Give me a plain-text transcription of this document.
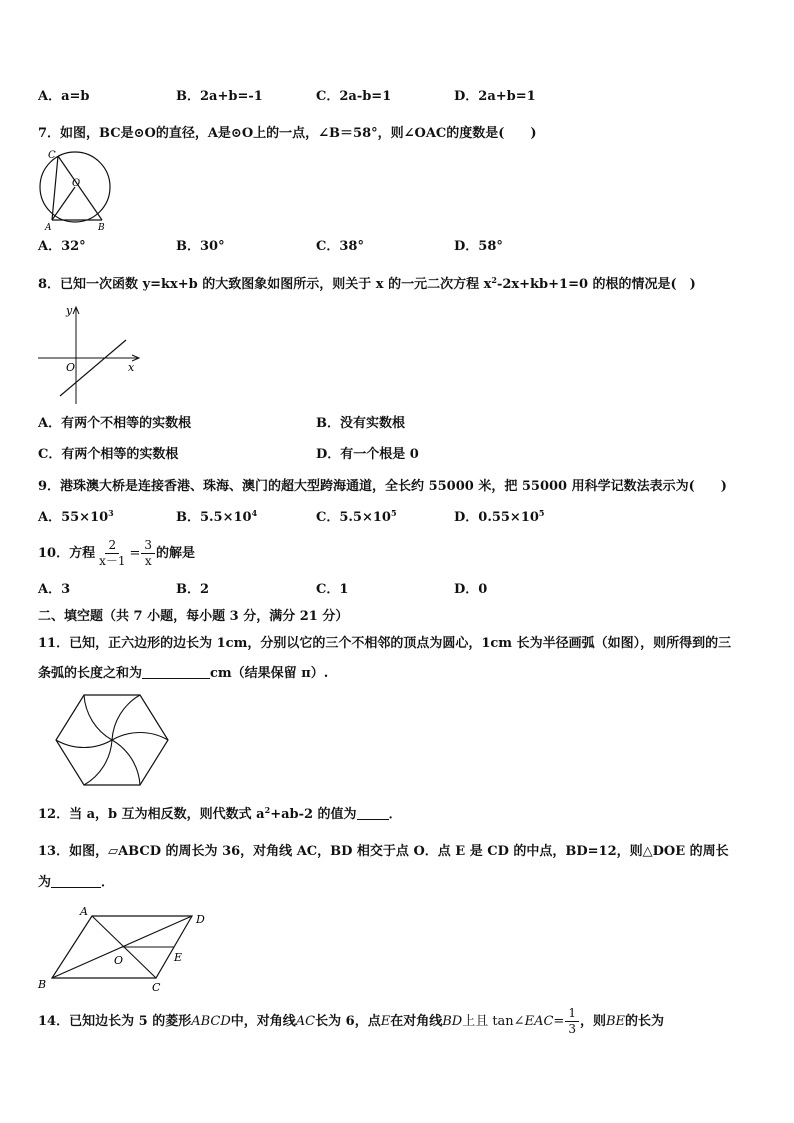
A．a=b	B．2a+b=-1	C．2a-b=1	D．2a+b=1
7．如图，BC是⊙O的直径，A是⊙O上的一点，∠B＝58°，则∠OAC的度数是(　　)
C
O
A	B
A．32°	B．30°	C．38°	D．58°
8．已知一次函数 y=kx+b 的大致图象如图所示，则关于 x 的一元二次方程 $x^2-2x+kb+1=0$ 的根的情况是(　)
y
O	x
A．有两个不相等的实数根	B．没有实数根
C．有两个相等的实数根	D．有一个根是 0
9．港珠澳大桥是连接香港、珠海、澳门的超大型跨海通道，全长约 55000 米，把 55000 用科学记数法表示为(　　)
A．$55\times 10^3$	B．$5.5\times 10^4$	C．$5.5\times 10^5$	D．$0.55\times 10^5$
10．方程 $\frac{2}{x-1} = \frac{3}{x}$ 的解是
A．3	B．2	C．1	D．0
二、填空题（共 7 小题，每小题 3 分，满分 21 分）
11．已知，正六边形的边长为 1cm，分别以它的三个不相邻的顶点为圆心，1cm 长为半径画弧（如图），则所得到的三
条弧的长度之和为	cm（结果保留 π）.
12．当 a，b 互为相反数，则代数式 $a^2+ab-2$ 的值为 ．
13．如图，▱ABCD 的周长为 36，对角线 AC，BD 相交于点 O．点 E 是 CD 的中点，BD=12，则△DOE 的周长
为	．
A
D
O	E
B	C
14．已知边长为 5 的菱形ABCD中，对角线AC长为 6，点E在对角线BD上且 tan∠EAC= $\frac{1}{3}$ ，则BE的长为
